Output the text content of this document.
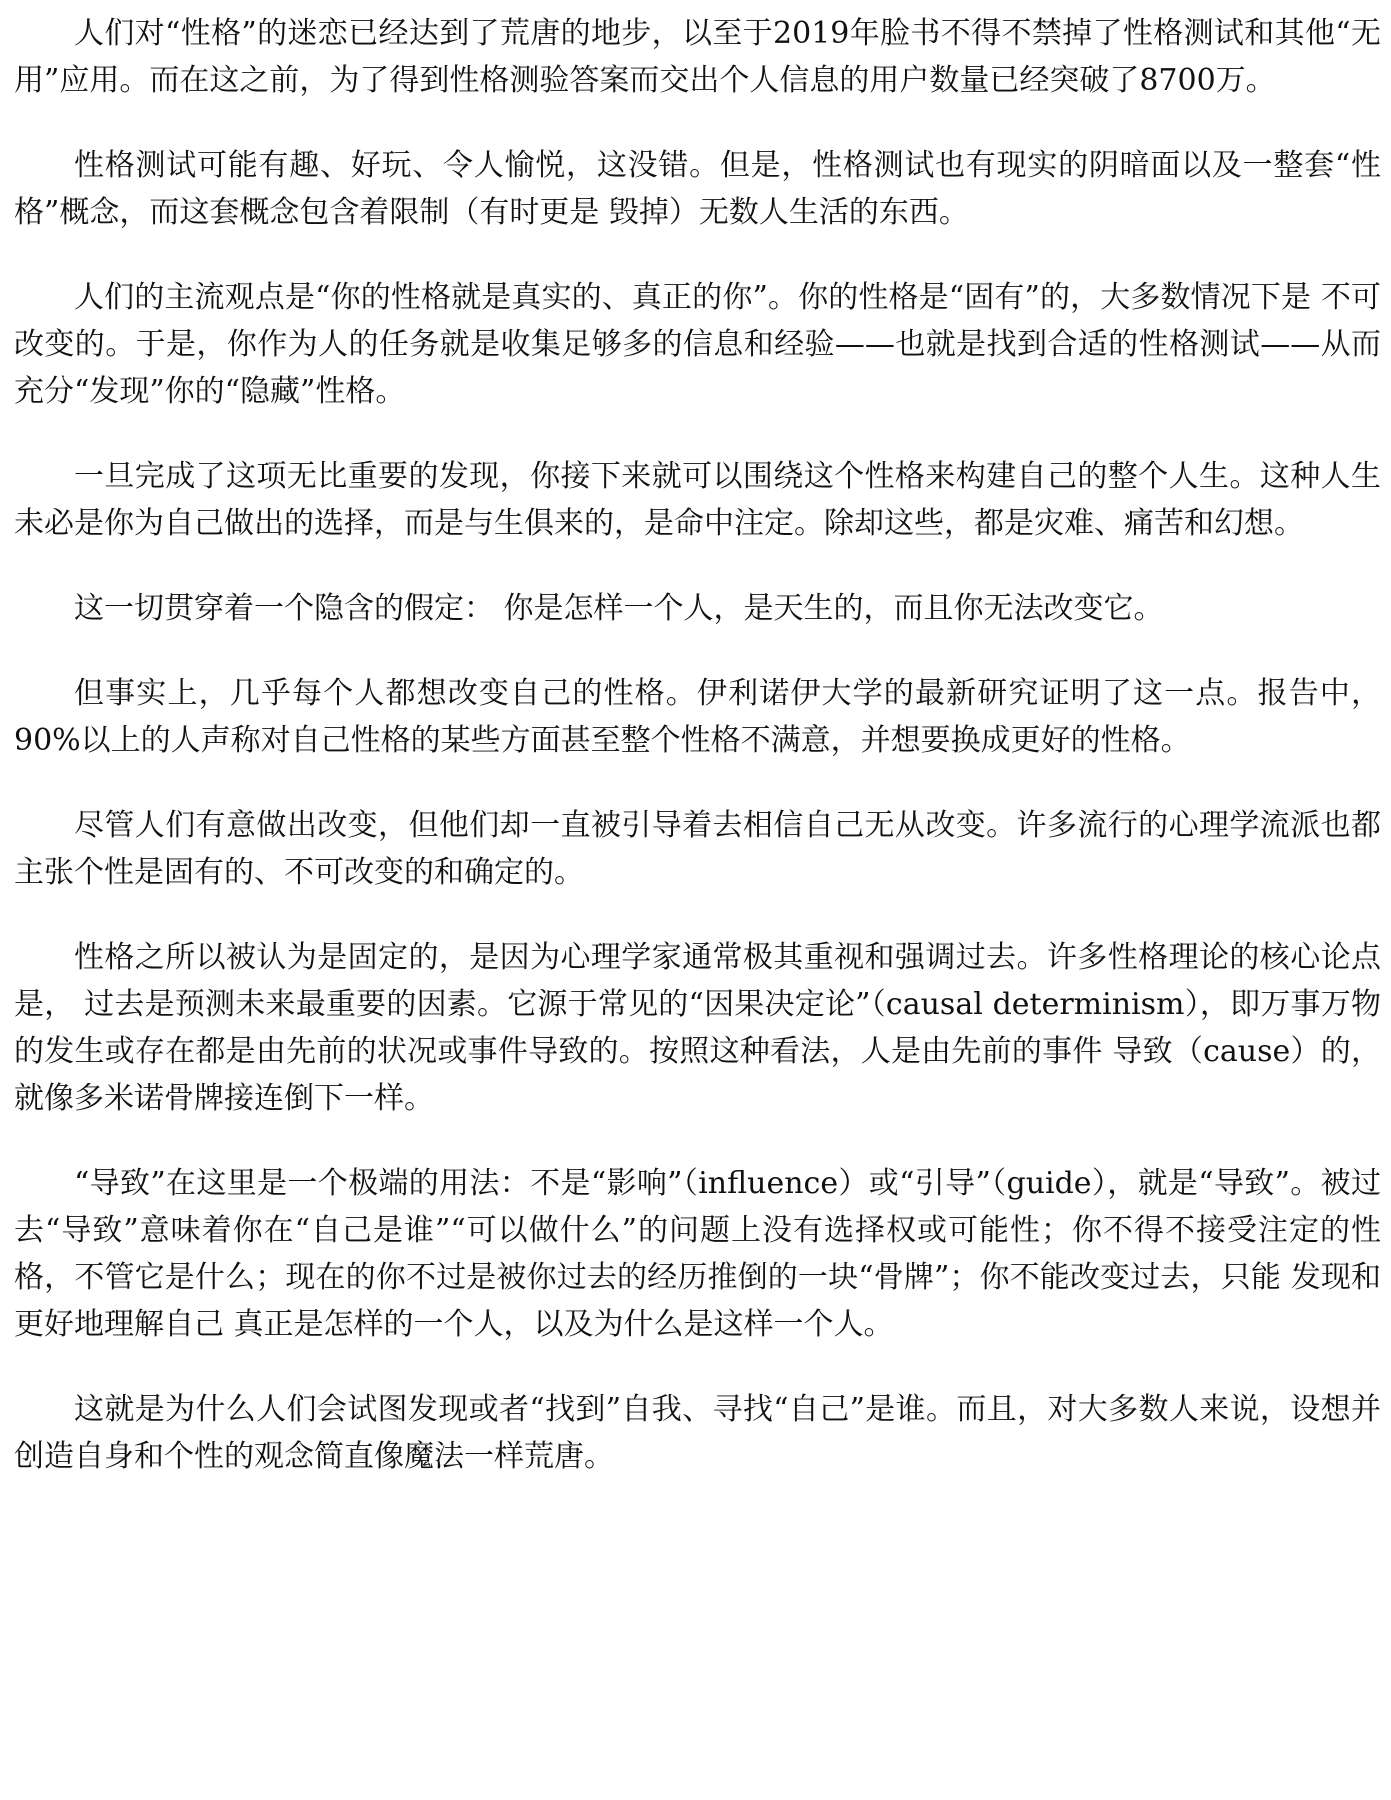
人们对“性格”的迷恋已经达到了荒唐的地步，以至于2019年脸书不得不禁掉了性格测试和其他“无用”应用。而在这之前，为了得到性格测验答案而交出个人信息的用户数量已经突破了8700万。

性格测试可能有趣、好玩、令人愉悦，这没错。但是，性格测试也有现实的阴暗面以及一整套“性格”概念，而这套概念包含着限制（有时更是 毁掉）无数人生活的东西。

人们的主流观点是“你的性格就是真实的、真正的你”。你的性格是“固有”的，大多数情况下是 不可改变的。于是，你作为人的任务就是收集足够多的信息和经验——也就是找到合适的性格测试——从而充分“发现”你的“隐藏”性格。

一旦完成了这项无比重要的发现，你接下来就可以围绕这个性格来构建自己的整个人生。这种人生未必是你为自己做出的选择，而是与生俱来的，是命中注定。除却这些，都是灾难、痛苦和幻想。

这一切贯穿着一个隐含的假定： 你是怎样一个人，是天生的，而且你无法改变它。

但事实上，几乎每个人都想改变自己的性格。伊利诺伊大学的最新研究证明了这一点。报告中，90%以上的人声称对自己性格的某些方面甚至整个性格不满意，并想要换成更好的性格。

尽管人们有意做出改变，但他们却一直被引导着去相信自己无从改变。许多流行的心理学流派也都主张个性是固有的、不可改变的和确定的。

性格之所以被认为是固定的，是因为心理学家通常极其重视和强调过去。许多性格理论的核心论点是， 过去是预测未来最重要的因素。它源于常见的“因果决定论”（causal determinism），即万事万物的发生或存在都是由先前的状况或事件导致的。按照这种看法，人是由先前的事件 导致（cause）的，就像多米诺骨牌接连倒下一样。

“导致”在这里是一个极端的用法：不是“影响”（influence）或“引导”（guide），就是“导致”。被过去“导致”意味着你在“自己是谁”“可以做什么”的问题上没有选择权或可能性；你不得不接受注定的性格，不管它是什么；现在的你不过是被你过去的经历推倒的一块“骨牌”；你不能改变过去，只能 发现和更好地理解自己 真正是怎样的一个人，以及为什么是这样一个人。

这就是为什么人们会试图发现或者“找到”自我、寻找“自己”是谁。而且，对大多数人来说，设想并创造自身和个性的观念简直像魔法一样荒唐。
